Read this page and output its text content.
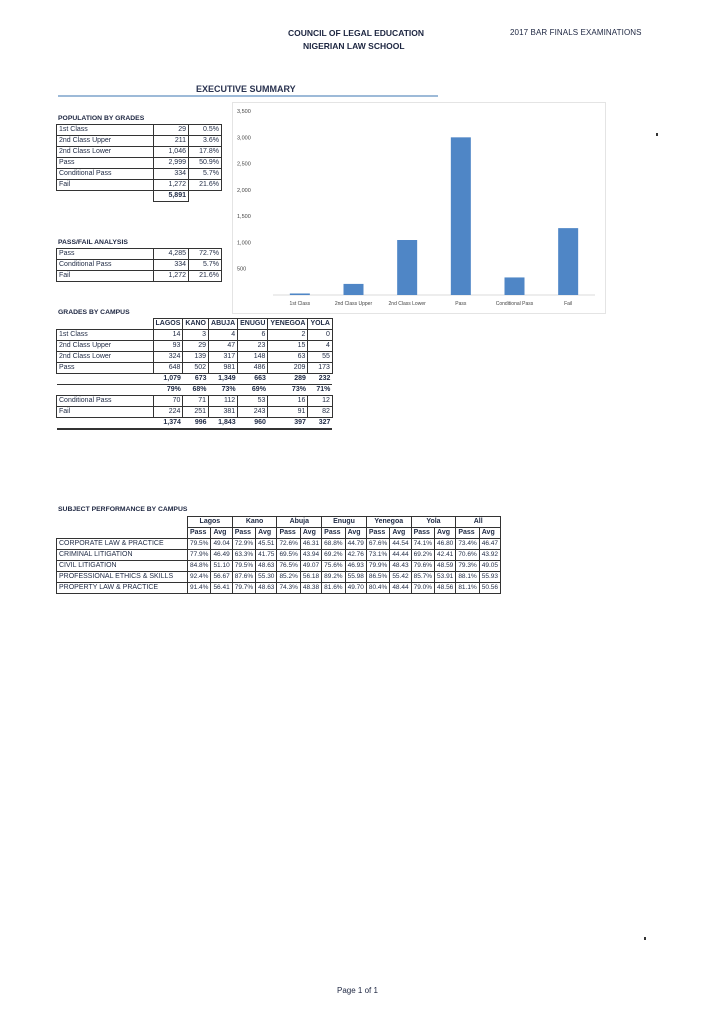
COUNCIL OF LEGAL EDUCATION
NIGERIAN LAW SCHOOL
2017 BAR FINALS EXAMINATIONS
EXECUTIVE SUMMARY
POPULATION BY GRADES
1st Class	29	0.5%
2nd Class Upper	211	3.6%
2nd Class Lower	1,046	17.8%
Pass	2,999	50.9%
Conditional Pass	334	5.7%
Fail	1,272	21.6%
	5,891	
PASS/FAIL ANALYSIS
Pass	4,285	72.7%
Conditional Pass	334	5.7%
Fail	1,272	21.6%
3,500
3,000
2,500
2,000
1,500
1,000
500
1st Class	2nd Class Upper	2nd Class Lower	Pass	Conditional Pass	Fail
GRADES BY CAMPUS
	LAGOS	KANO	ABUJA	ENUGU	YENEGOA	YOLA
1st Class	14	3	4	6	2	0
2nd Class Upper	93	29	47	23	15	4
2nd Class Lower	324	139	317	148	63	55
Pass	648	502	981	486	209	173
	1,079	673	1,349	663	289	232
	79%	68%	73%	69%	73%	71%
Conditional Pass	70	71	112	53	16	12
Fail	224	251	381	243	91	82
	1,374	996	1,843	960	397	327
SUBJECT PERFORMANCE BY CAMPUS
	Lagos		Kano		Abuja		Enugu		Yenegoa		Yola		All	
	Pass	Avg	Pass	Avg	Pass	Avg	Pass	Avg	Pass	Avg	Pass	Avg	Pass	Avg
CORPORATE LAW & PRACTICE	79.5%	49.04	72.9%	45.51	72.6%	46.31	68.8%	44.79	67.6%	44.54	74.1%	46.80	73.4%	46.47
CRIMINAL LITIGATION	77.9%	46.49	63.3%	41.75	69.5%	43.94	69.2%	42.76	73.1%	44.44	69.2%	42.41	70.6%	43.92
CIVIL LITIGATION	84.8%	51.10	79.5%	48.63	76.5%	49.07	75.6%	46.93	79.9%	48.43	79.6%	48.59	79.3%	49.05
PROFESSIONAL ETHICS & SKILLS	92.4%	56.67	87.6%	55.30	85.2%	56.18	89.2%	55.98	86.5%	55.42	85.7%	53.91	88.1%	55.93
PROPERTY LAW & PRACTICE	91.4%	56.41	79.7%	48.63	74.3%	48.38	81.6%	49.70	80.4%	48.44	79.0%	48.56	81.1%	50.56
Page 1 of 1
